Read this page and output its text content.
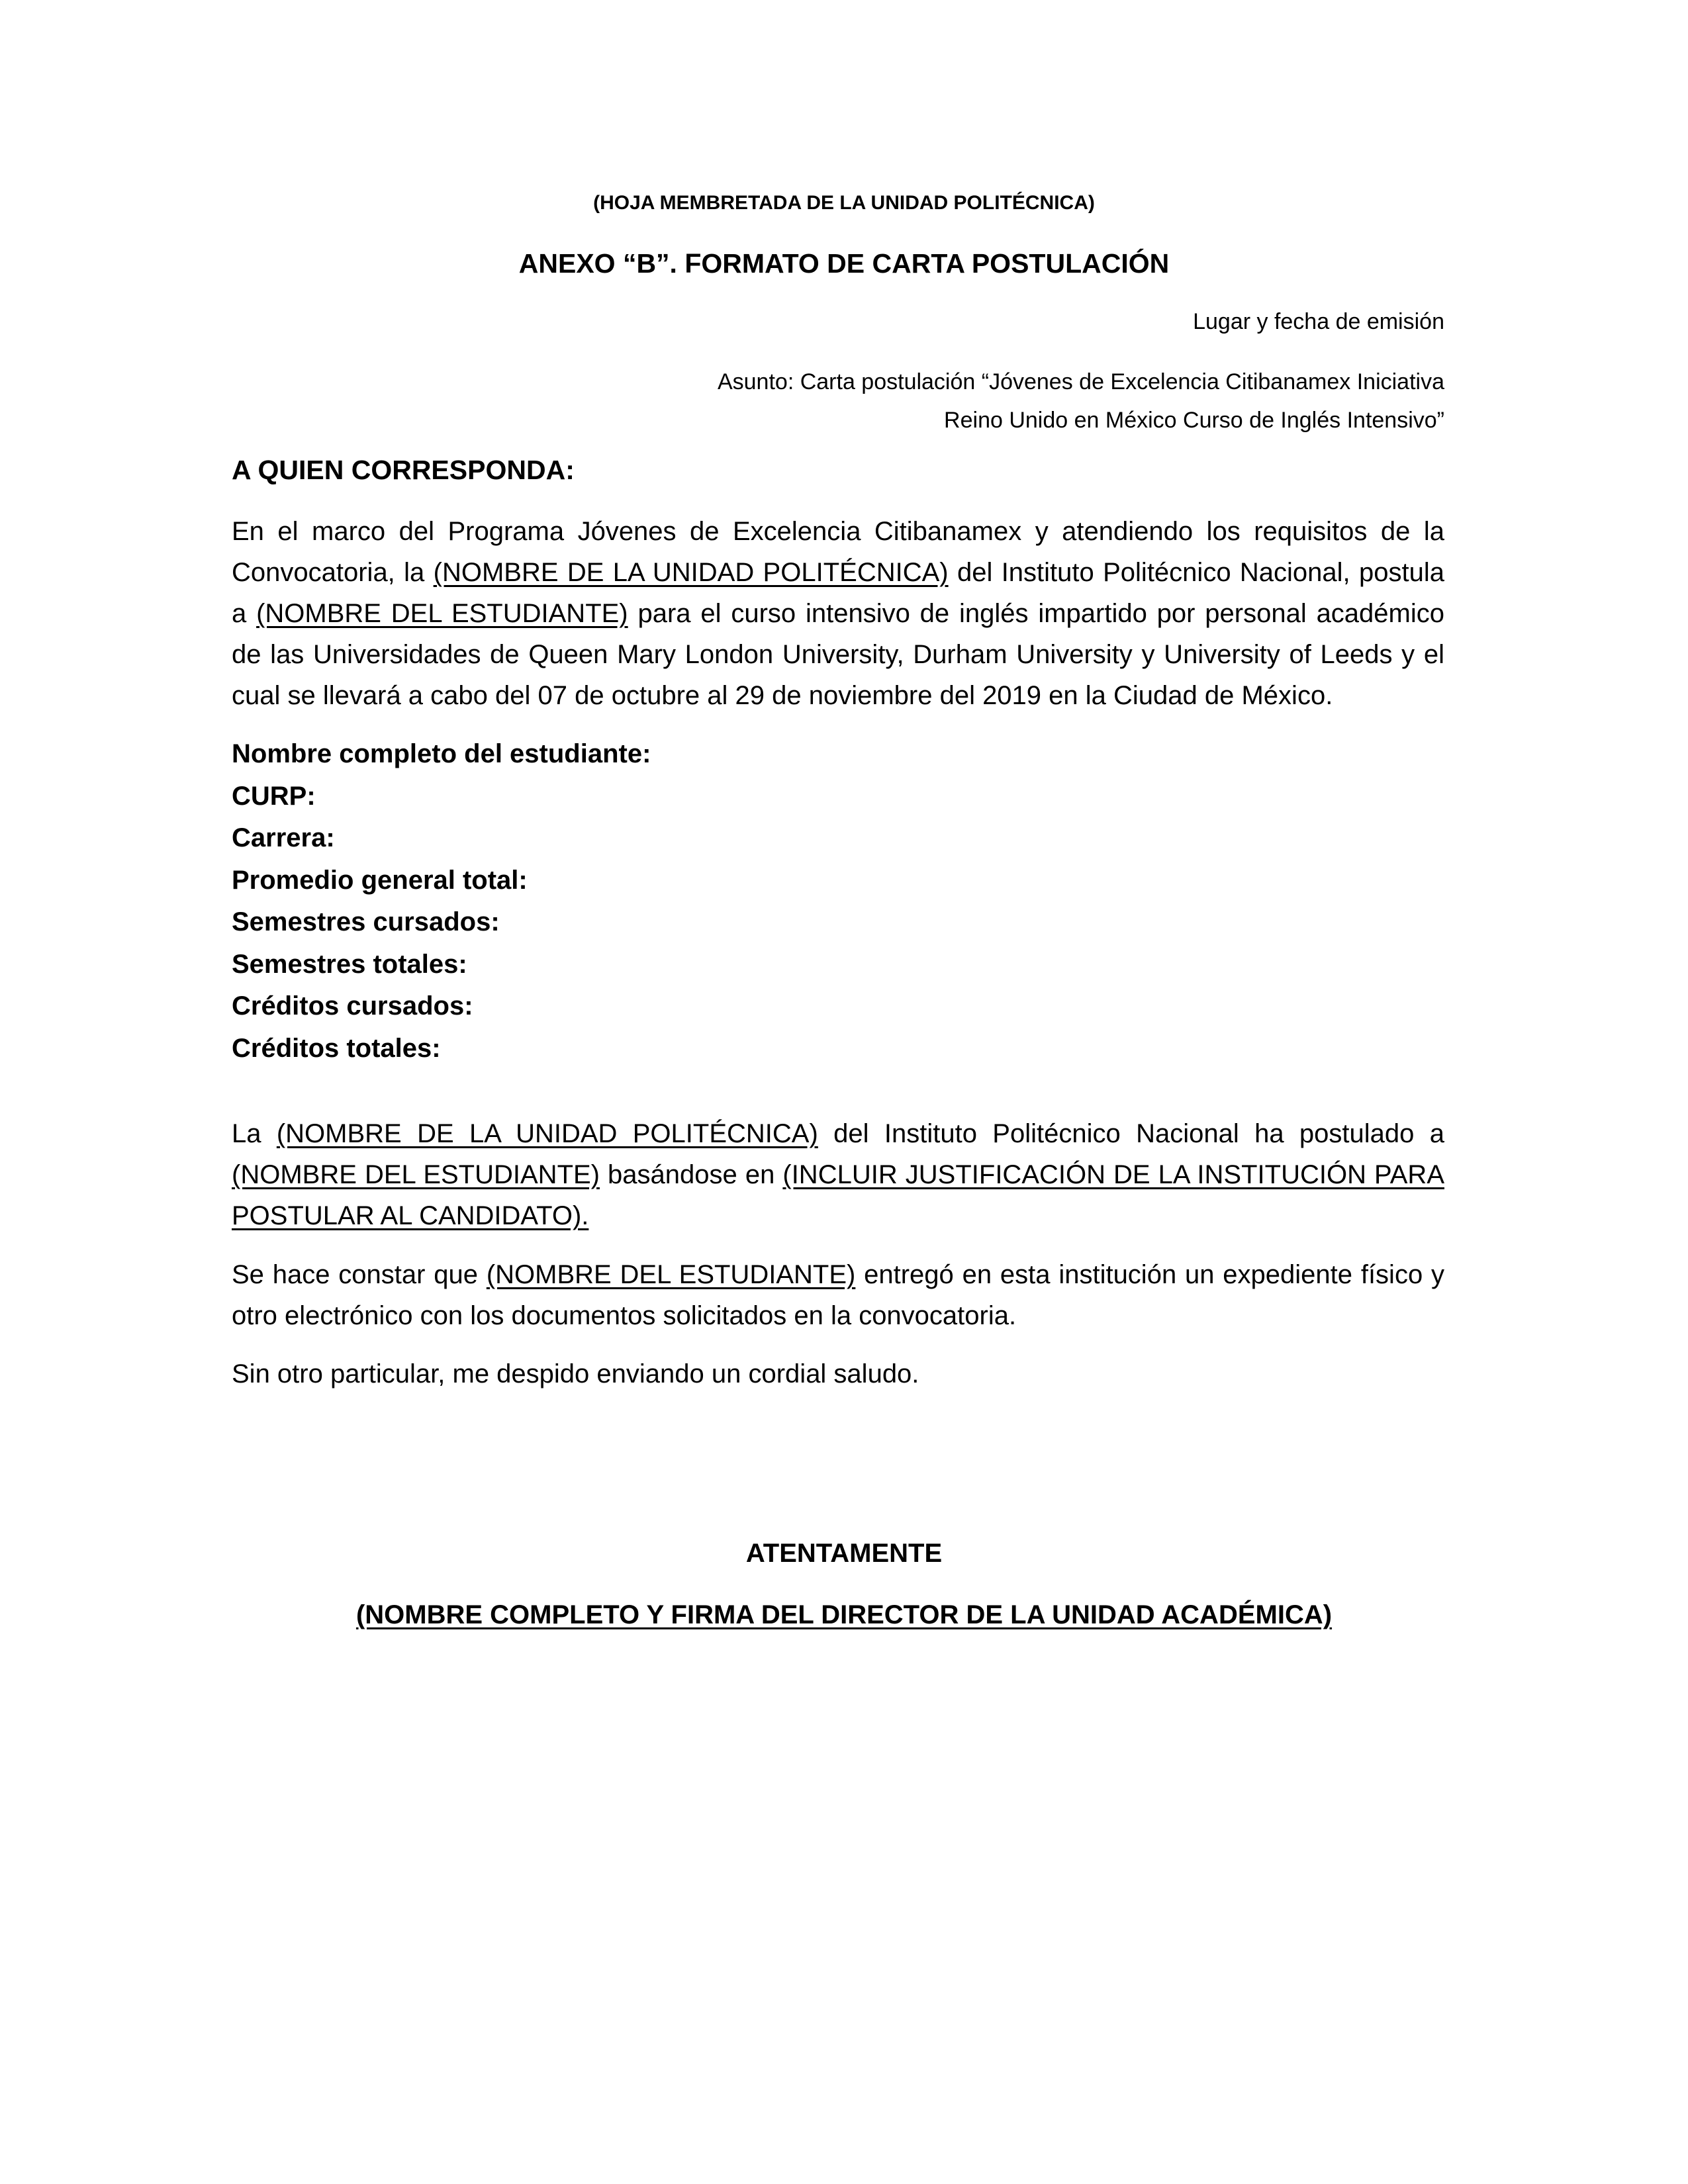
(HOJA MEMBRETADA DE LA UNIDAD POLITÉCNICA)

ANEXO “B”. FORMATO DE CARTA POSTULACIÓN

Lugar y fecha de emisión

Asunto: Carta postulación “Jóvenes de Excelencia Citibanamex Iniciativa
Reino Unido en México Curso de Inglés Intensivo”

A QUIEN CORRESPONDA:

En el marco del Programa Jóvenes de Excelencia Citibanamex y atendiendo los requisitos de la Convocatoria, la (NOMBRE DE LA UNIDAD POLITÉCNICA) del Instituto Politécnico Nacional, postula a (NOMBRE DEL ESTUDIANTE) para el curso intensivo de inglés impartido por personal académico de las Universidades de Queen Mary London University, Durham University y University of Leeds y el cual se llevará a cabo del 07 de octubre al 29 de noviembre del 2019 en la Ciudad de México.

Nombre completo del estudiante:
CURP:
Carrera:
Promedio general total:
Semestres cursados:
Semestres totales:
Créditos cursados:
Créditos totales:

La (NOMBRE DE LA UNIDAD POLITÉCNICA) del Instituto Politécnico Nacional ha postulado a (NOMBRE DEL ESTUDIANTE) basándose en (INCLUIR JUSTIFICACIÓN DE LA INSTITUCIÓN PARA POSTULAR AL CANDIDATO).

Se hace constar que (NOMBRE DEL ESTUDIANTE) entregó en esta institución un expediente físico y otro electrónico con los documentos solicitados en la convocatoria.

Sin otro particular, me despido enviando un cordial saludo.

ATENTAMENTE

(NOMBRE COMPLETO Y FIRMA DEL DIRECTOR DE LA UNIDAD ACADÉMICA)
